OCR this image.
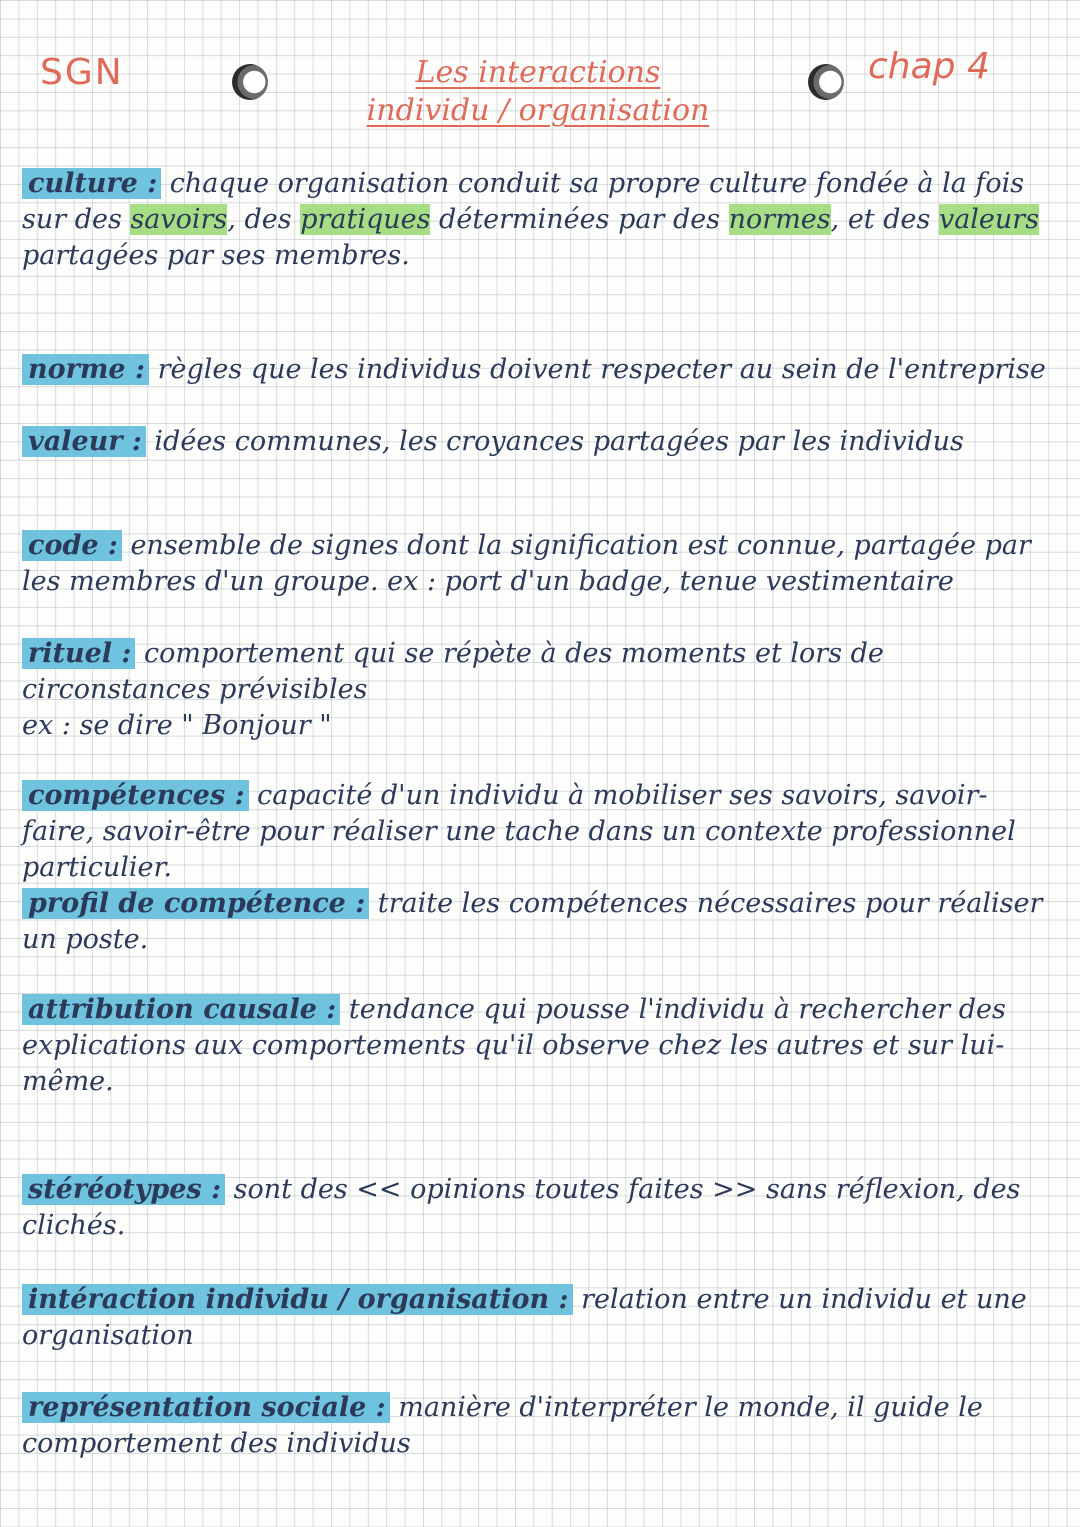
SGN	Les interactions
individu / organisation
chap 4
culture : chaque organisation conduit sa propre culture fondée à la fois sur des savoirs, des pratiques déterminées par des normes, et des valeurs partagées par ses membres.
norme : règles que les individus doivent respecter au sein de l'entreprise
valeur : idées communes, les croyances partagées par les individus
code : ensemble de signes dont la signification est connue, partagée par les membres d'un groupe. ex : port d'un badge, tenue vestimentaire
rituel : comportement qui se répète à des moments et lors de circonstances prévisibles
ex : se dire " Bonjour "
compétences : capacité d'un individu à mobiliser ses savoirs, savoir-faire, savoir-être pour réaliser une tache dans un contexte professionnel particulier.
profil de compétence : traite les compétences nécessaires pour réaliser un poste.
attribution causale : tendance qui pousse l'individu à rechercher des explications aux comportements qu'il observe chez les autres et sur lui-même.
stéréotypes : sont des << opinions toutes faites >> sans réflexion, des clichés.
intéraction individu / organisation : relation entre un individu et une organisation
représentation sociale : manière d'interpréter le monde, il guide le comportement des individus
